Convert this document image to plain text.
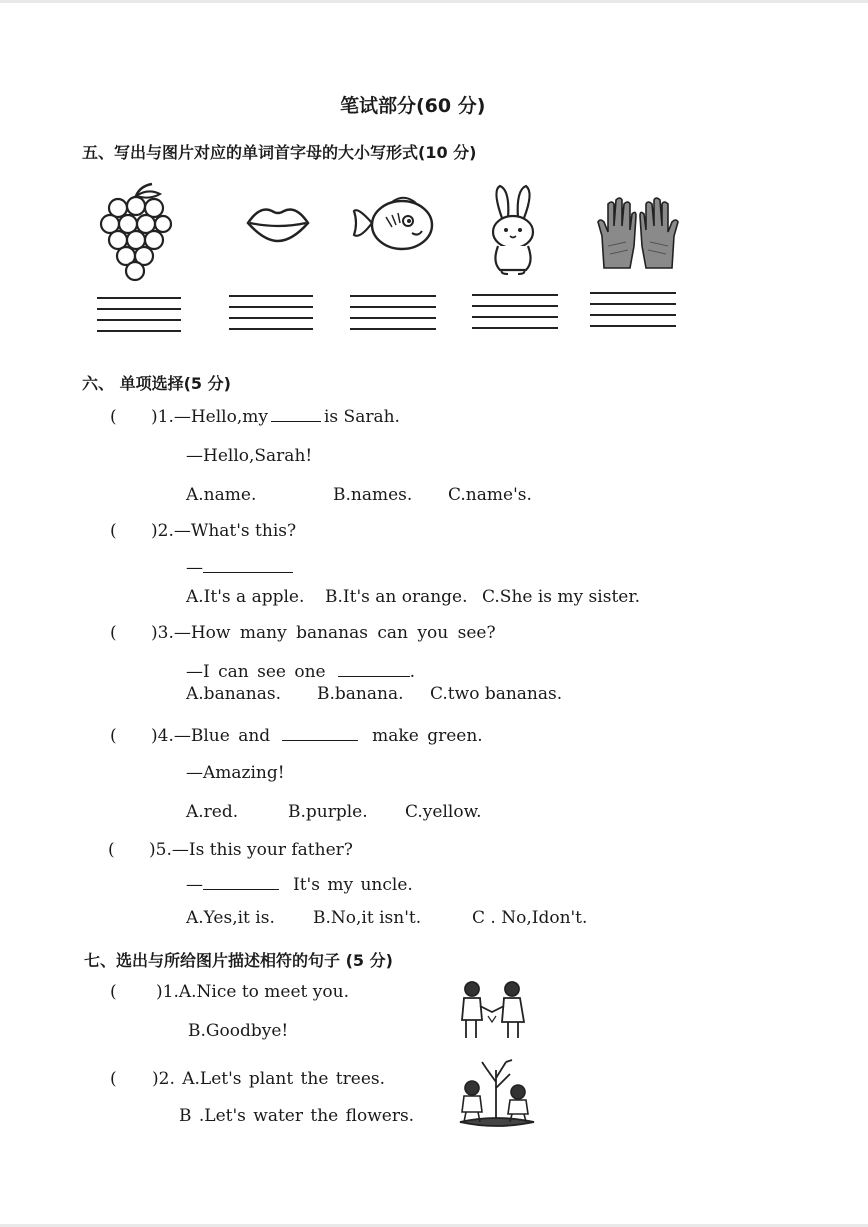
笔试部分(60 分)
五、写出与图片对应的单词首字母的大小写形式(10 分)
六、 单项选择(5 分)
( )1.—Hello,my	is Sarah.
—Hello,Sarah!
A.name.	B.names. C.name's.
( )2.—What's this?
—
A.It's a apple. B.It's an orange. C.She is my sister.
( )3.—How many bananas can you see?
—I can see one	.
A.bananas. B.banana. C.two bananas.
( )4.—Blue and	make green.
—Amazing!
A.red.	B.purple. C.yellow.
( )5.—Is this your father?
—	It's my uncle.
A.Yes,it is. B.No,it isn't.	C . No,Idon't.
七、选出与所给图片描述相符的句子 (5 分)
( )1.A.Nice to meet you.
B.Goodbye!
( )2. A.Let's plant the trees.
B .Let's water the flowers.
